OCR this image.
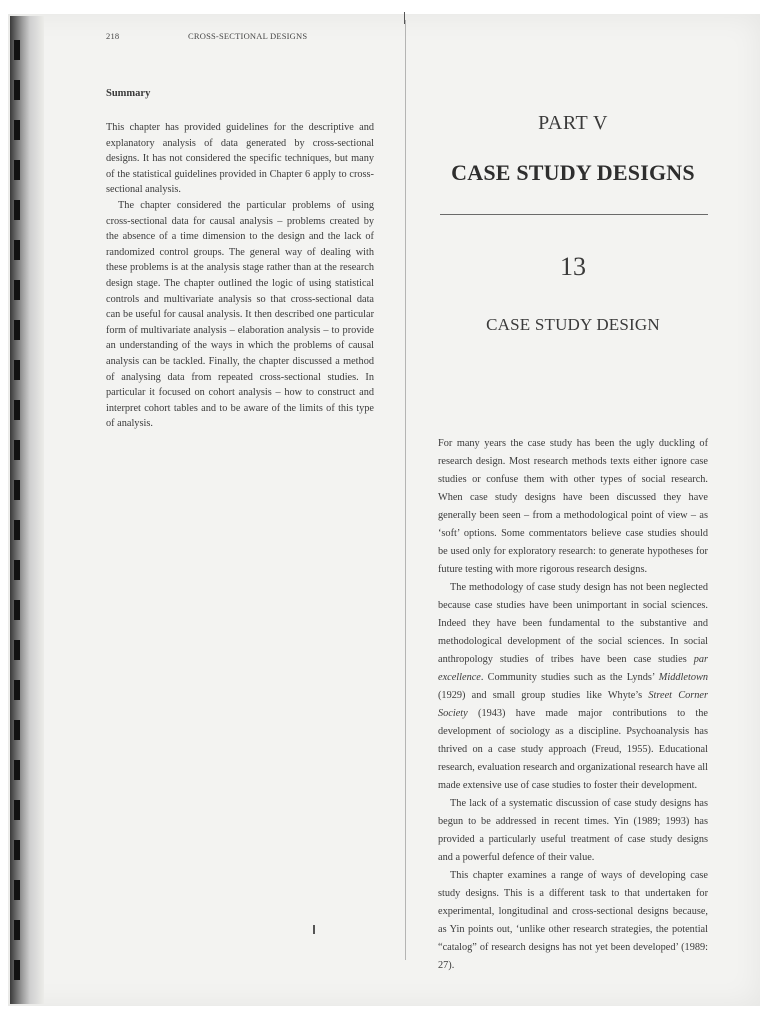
218	CROSS-SECTIONAL DESIGNS
Summary

This chapter has provided guidelines for the descriptive and explanatory analysis of data generated by cross-sectional designs. It has not considered the specific techniques, but many of the statistical guidelines provided in Chapter 6 apply to cross-sectional analysis.

The chapter considered the particular problems of using cross-sectional data for causal analysis – problems created by the absence of a time dimension to the design and the lack of randomized control groups. The general way of dealing with these problems is at the analysis stage rather than at the research design stage. The chapter outlined the logic of using statistical controls and multivariate analysis so that cross-sectional data can be useful for causal analysis. It then described one particular form of multivariate analysis – elaboration analysis – to provide an understanding of the ways in which the problems of causal analysis can be tackled. Finally, the chapter discussed a method of analysing data from repeated cross-sectional studies. In particular it focused on cohort analysis – how to construct and interpret cohort tables and to be aware of the limits of this type of analysis.

PART V
CASE STUDY DESIGNS
13
CASE STUDY DESIGN

For many years the case study has been the ugly duckling of research design. Most research methods texts either ignore case studies or confuse them with other types of social research. When case study designs have been discussed they have generally been seen – from a methodological point of view – as ‘soft’ options. Some commentators believe case studies should be used only for exploratory research: to generate hypotheses for future testing with more rigorous research designs.

The methodology of case study design has not been neglected because case studies have been unimportant in social sciences. Indeed they have been fundamental to the substantive and methodological development of the social sciences. In social anthropology studies of tribes have been case studies par excellence. Community studies such as the Lynds’ Middletown (1929) and small group studies like Whyte’s Street Corner Society (1943) have made major contributions to the development of sociology as a discipline. Psychoanalysis has thrived on a case study approach (Freud, 1955). Educational research, evaluation research and organizational research have all made extensive use of case studies to foster their development.

The lack of a systematic discussion of case study designs has begun to be addressed in recent times. Yin (1989; 1993) has provided a particularly useful treatment of case study designs and a powerful defence of their value.

This chapter examines a range of ways of developing case study designs. This is a different task to that undertaken for experimental, longitudinal and cross-sectional designs because, as Yin points out, ‘unlike other research strategies, the potential “catalog” of research designs has not yet been developed’ (1989: 27).
